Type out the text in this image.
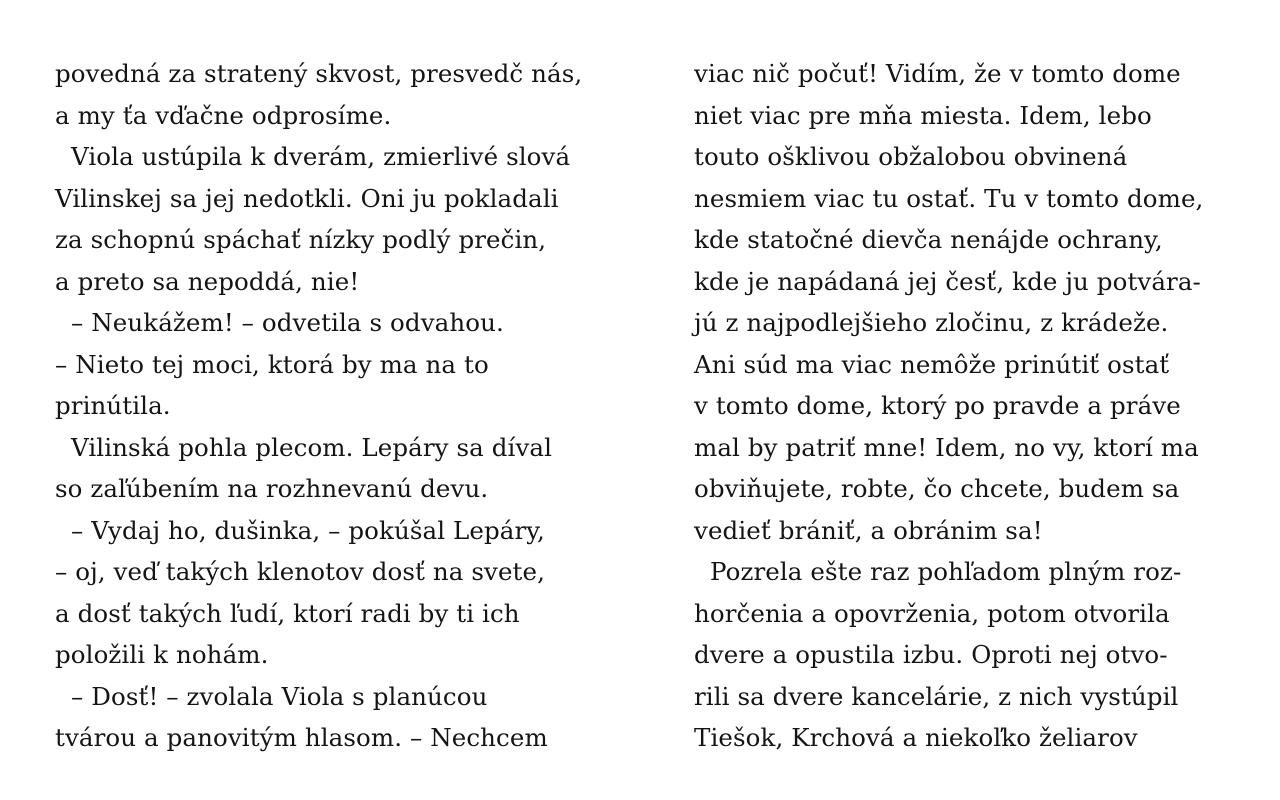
povedná za stratený skvost, presvedč nás,
a my ťa vďačne odprosíme.
Viola ustúpila k dverám, zmierlivé slová
Vilinskej sa jej nedotkli. Oni ju pokladali
za schopnú spáchať nízky podlý prečin,
a preto sa nepoddá, nie!
– Neukážem! – odvetila s odvahou.
– Nieto tej moci, ktorá by ma na to
prinútila.
Vilinská pohla plecom. Lepáry sa díval
so zaľúbením na rozhnevanú devu.
– Vydaj ho, dušinka, – pokúšal Lepáry,
– oj, veď takých klenotov dosť na svete,
a dosť takých ľudí, ktorí radi by ti ich
položili k nohám.
– Dosť! – zvolala Viola s planúcou
tvárou a panovitým hlasom. – Nechcem
viac nič počuť! Vidím, že v tomto dome
niet viac pre mňa miesta. Idem, lebo
touto ošklivou obžalobou obvinená
nesmiem viac tu ostať. Tu v tomto dome,
kde statočné dievča nenájde ochrany,
kde je napádaná jej česť, kde ju potvára-
jú z najpodlejšieho zločinu, z krádeže.
Ani súd ma viac nemôže prinútiť ostať
v tomto dome, ktorý po pravde a práve
mal by patriť mne! Idem, no vy, ktorí ma
obviňujete, robte, čo chcete, budem sa
vedieť brániť, a obránim sa!
Pozrela ešte raz pohľadom plným roz-
horčenia a opovrženia, potom otvorila
dvere a opustila izbu. Oproti nej otvo-
rili sa dvere kancelárie, z nich vystúpil
Tiešok, Krchová a niekoľko želiarov
